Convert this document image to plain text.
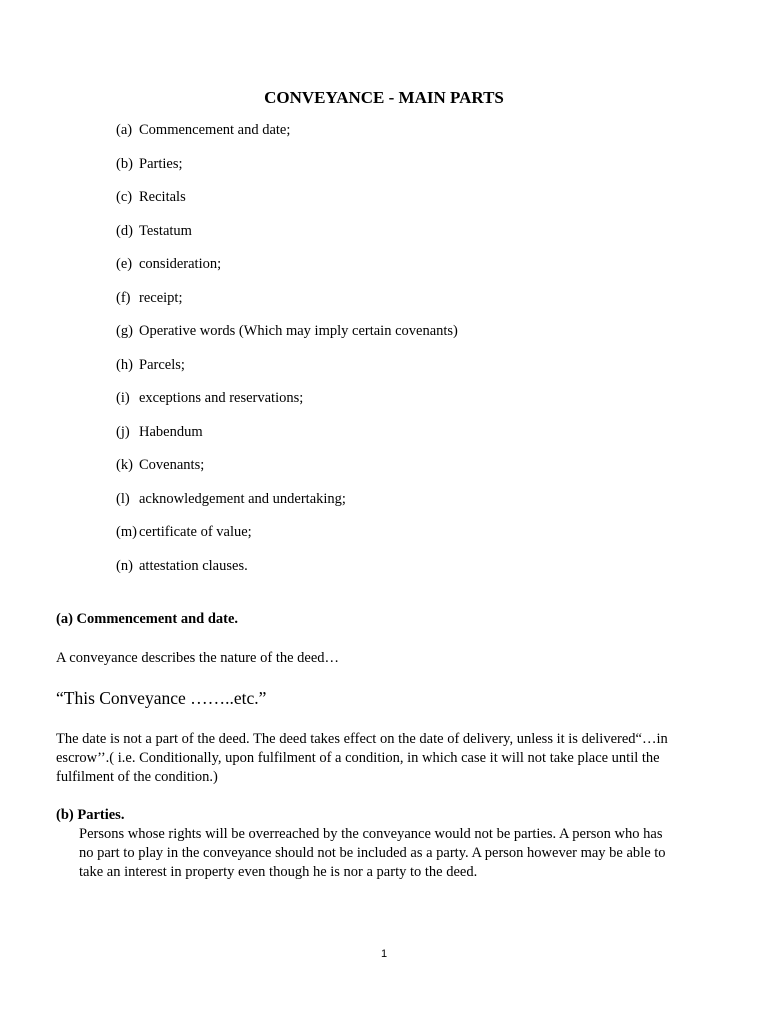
CONVEYANCE - MAIN PARTS
(a) Commencement and date;
(b) Parties;
(c) Recitals
(d) Testatum
(e) consideration;
(f) receipt;
(g) Operative words (Which may imply certain covenants)
(h) Parcels;
(i) exceptions and reservations;
(j) Habendum
(k) Covenants;
(l) acknowledgement and undertaking;
(m) certificate of value;
(n) attestation clauses.
(a) Commencement and date.
A conveyance describes the nature of the deed…
“This Conveyance ……..etc.”
The date is not a part of the deed. The deed takes effect on the date of delivery, unless it is delivered“…in escrow’’.( i.e. Conditionally, upon fulfilment of a condition, in which case it will not take place until the fulfilment of the condition.)
(b) Parties.
Persons whose rights will be overreached by the conveyance would not be parties. A person who has no part to play in the conveyance should not be included as a party. A person however may be able to take an interest in property even though he is nor a party to the deed.
1
